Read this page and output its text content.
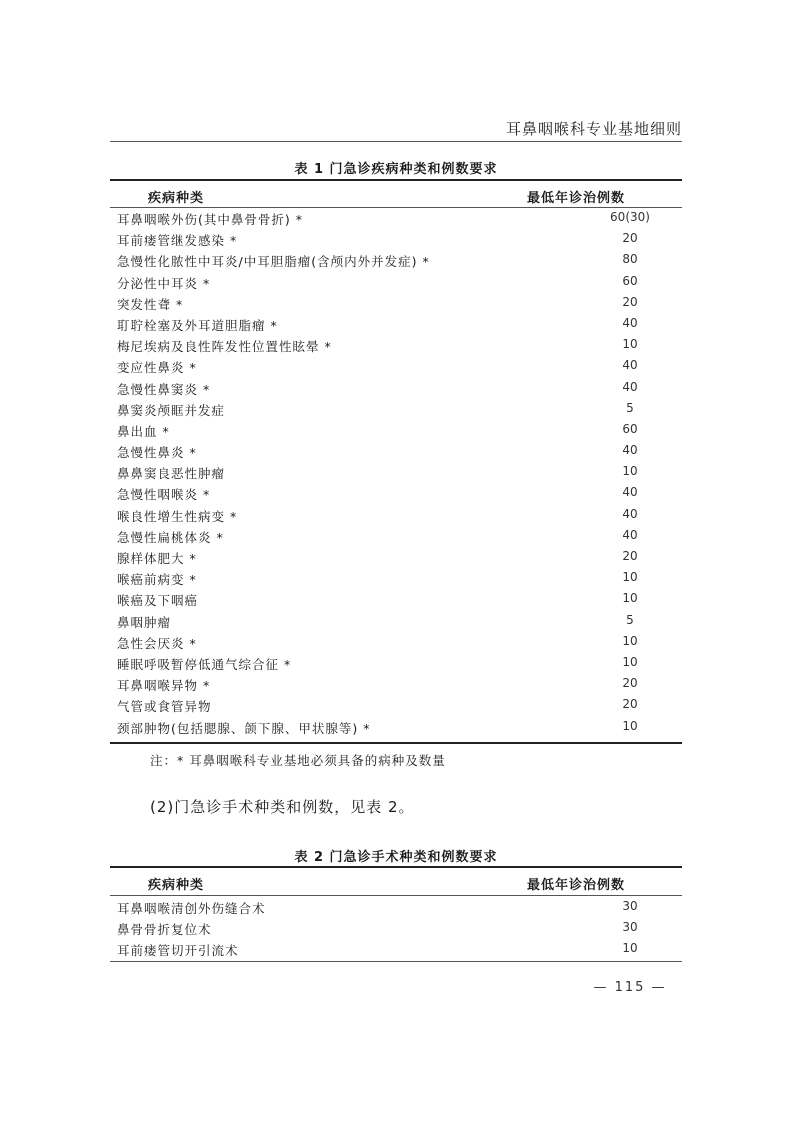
耳鼻咽喉科专业基地细则
表 1 门急诊疾病种类和例数要求
疾病种类	最低年诊治例数
耳鼻咽喉外伤(其中鼻骨骨折) *	60(30)
耳前瘘管继发感染 *	20
急慢性化脓性中耳炎/中耳胆脂瘤(含颅内外并发症) *	80
分泌性中耳炎 *	60
突发性聋 *	20
耵聍栓塞及外耳道胆脂瘤 *	40
梅尼埃病及良性阵发性位置性眩晕 *	10
变应性鼻炎 *	40
急慢性鼻窦炎 *	40
鼻窦炎颅眶并发症	5
鼻出血 *	60
急慢性鼻炎 *	40
鼻鼻窦良恶性肿瘤	10
急慢性咽喉炎 *	40
喉良性增生性病变 *	40
急慢性扁桃体炎 *	40
腺样体肥大 *	20
喉癌前病变 *	10
喉癌及下咽癌	10
鼻咽肿瘤	5
急性会厌炎 *	10
睡眠呼吸暂停低通气综合征 *	10
耳鼻咽喉异物 *	20
气管或食管异物	20
颈部肿物(包括腮腺、颌下腺、甲状腺等) *	10
注：* 耳鼻咽喉科专业基地必须具备的病种及数量
(2)门急诊手术种类和例数，见表 2。
表 2 门急诊手术种类和例数要求
疾病种类	最低年诊治例数
耳鼻咽喉清创外伤缝合术	30
鼻骨骨折复位术	30
耳前瘘管切开引流术	10
— 115 —
